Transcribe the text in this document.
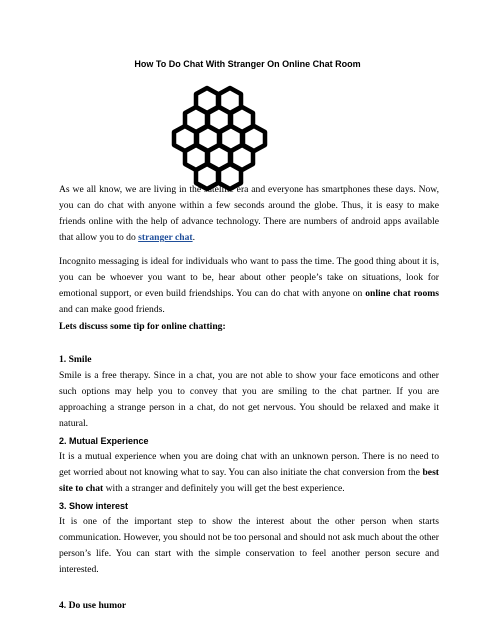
How To Do Chat With Stranger On Online Chat Room

As we all know, we are living in the satellite era and everyone has smartphones these days. Now, you can do chat with anyone within a few seconds around the globe. Thus, it is easy to make friends online with the help of advance technology. There are numbers of android apps available that allow you to do stranger chat.

Incognito messaging is ideal for individuals who want to pass the time. The good thing about it is, you can be whoever you want to be, hear about other people’s take on situations, look for emotional support, or even build friendships. You can do chat with anyone on online chat rooms and can make good friends.

Lets discuss some tip for online chatting:

1. Smile

Smile is a free therapy. Since in a chat, you are not able to show your face emoticons and other such options may help you to convey that you are smiling to the chat partner. If you are approaching a strange person in a chat, do not get nervous. You should be relaxed and make it natural.

2. Mutual Experience

It is a mutual experience when you are doing chat with an unknown person. There is no need to get worried about not knowing what to say. You can also initiate the chat conversion from the best site to chat with a stranger and definitely you will get the best experience.

3. Show interest

It is one of the important step to show the interest about the other person when starts communication. However, you should not be too personal and should not ask much about the other person’s life. You can start with the simple conservation to feel another person secure and interested.

4. Do use humor
